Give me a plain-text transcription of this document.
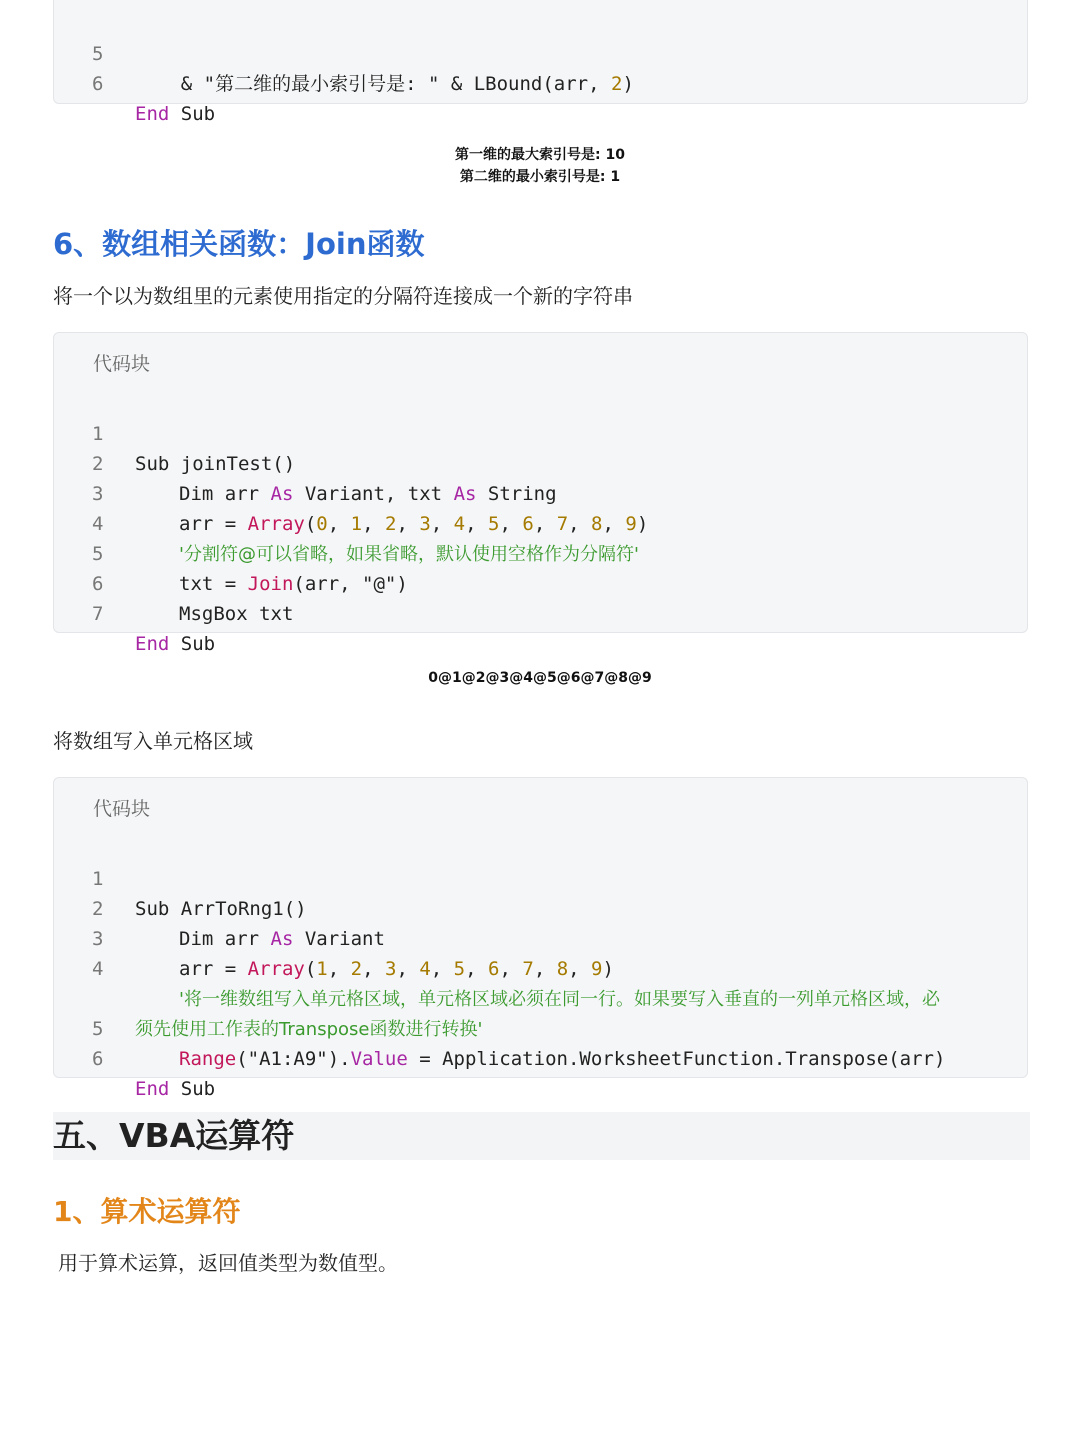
5

& "第二维的最小索引号是: " & LBound(arr, 2)

6

End Sub

第一维的最大索引号是: 10
第二维的最小索引号是: 1
6、数组相关函数：Join函数

将一个以为数组里的元素使用指定的分隔符连接成一个新的字符串

代码块

1

Sub joinTest()

2

Dim arr As Variant, txt As String

3

arr = Array(0, 1, 2, 3, 4, 5, 6, 7, 8, 9)

4

'分割符@可以省略，如果省略，默认使用空格作为分隔符'

5

txt = Join(arr, "@")

6

MsgBox txt

7

End Sub

0@1@2@3@4@5@6@7@8@9

将数组写入单元格区域

代码块

1

Sub ArrToRng1()

2

Dim arr As Variant

3

arr = Array(1, 2, 3, 4, 5, 6, 7, 8, 9)

4

'将一维数组写入单元格区域，单元格区域必须在同一行。如果要写入垂直的一列单元格区域，必

须先使用工作表的Transpose函数进行转换'

5

Range("A1:A9").Value = Application.WorksheetFunction.Transpose(arr)

6

End Sub

五、VBA运算符
1、算术运算符

用于算术运算，返回值类型为数值型。
